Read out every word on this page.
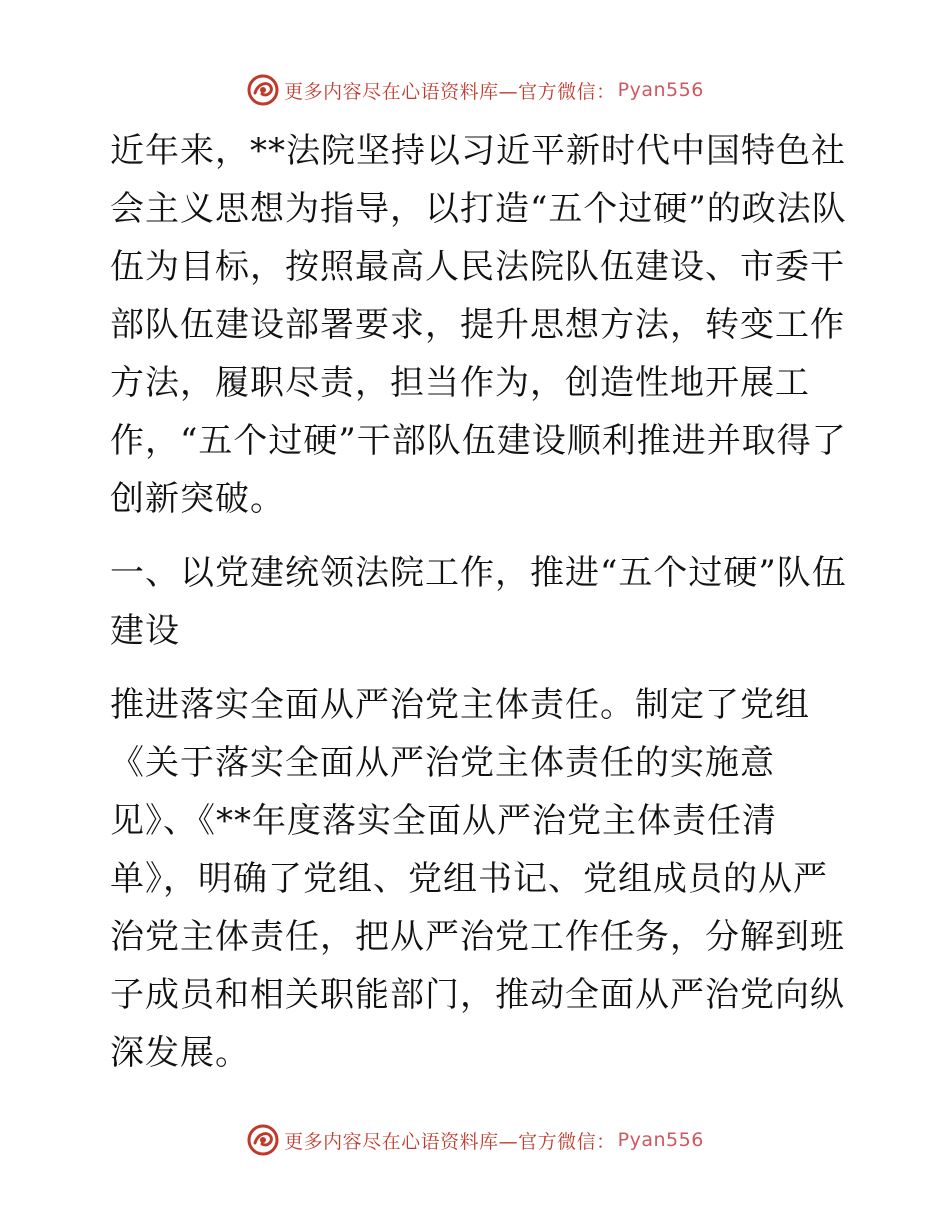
更多内容尽在心语资料库—官方微信： Pyan556

近年来，**法院坚持以习近平新时代中国特色社会主义思想为指导，以打造“五个过硬”的政法队伍为目标，按照最高人民法院队伍建设、市委干部队伍建设部署要求，提升思想方法，转变工作方法，履职尽责，担当作为，创造性地开展工作，“五个过硬”干部队伍建设顺利推进并取得了创新突破。

一、以党建统领法院工作，推进“五个过硬”队伍建设

推进落实全面从严治党主体责任。制定了党组《关于落实全面从严治党主体责任的实施意见》、《**年度落实全面从严治党主体责任清单》，明确了党组、党组书记、党组成员的从严治党主体责任，把从严治党工作任务，分解到班子成员和相关职能部门，推动全面从严治党向纵深发展。

更多内容尽在心语资料库—官方微信： Pyan556
